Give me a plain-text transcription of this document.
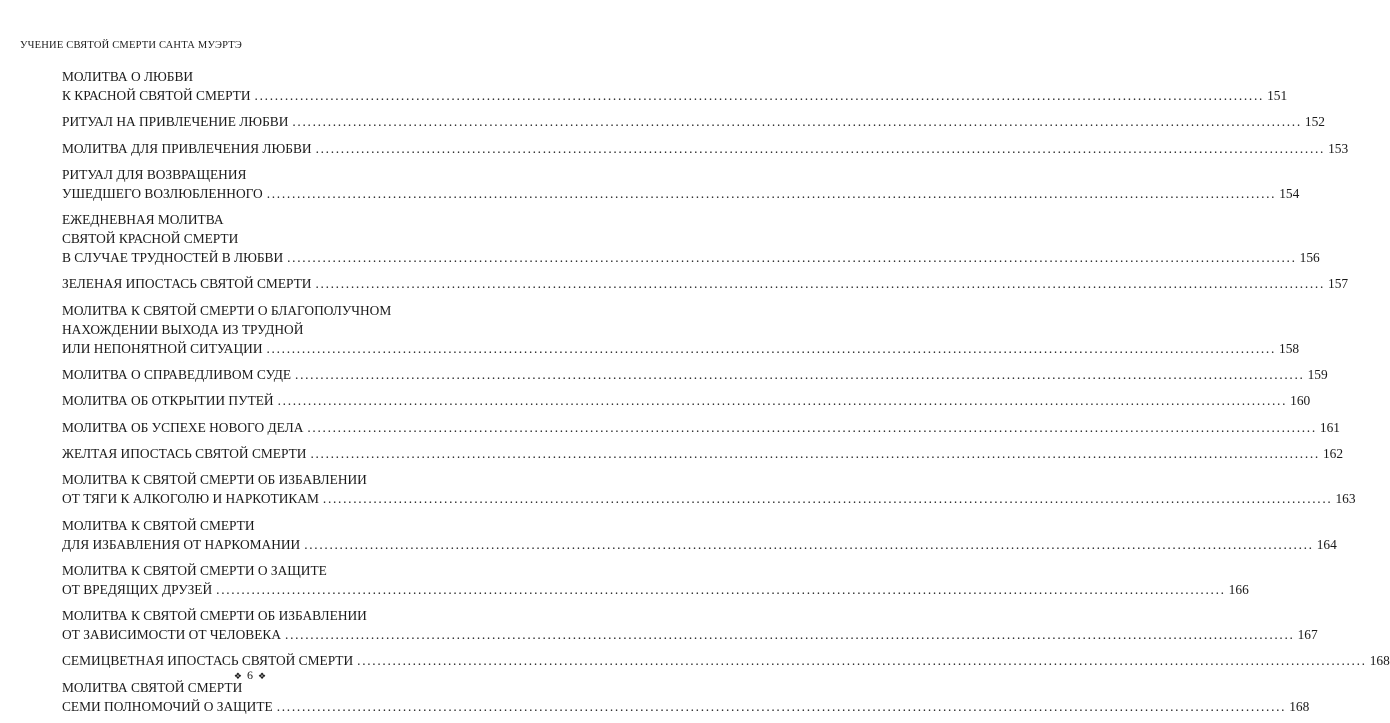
УЧЕНИЕ СВЯТОЙ СМЕРТИ САНТА МУЭРТЭ
МОЛИТВА О ЛЮБВИ
К КРАСНОЙ СВЯТОЙ СМЕРТИ ........................................................................................................................................................................................................ 151
РИТУАЛ НА ПРИВЛЕЧЕНИЕ ЛЮБВИ ........................................................................................................................................................................................................ 152
МОЛИТВА ДЛЯ ПРИВЛЕЧЕНИЯ ЛЮБВИ ........................................................................................................................................................................................................ 153
РИТУАЛ ДЛЯ ВОЗВРАЩЕНИЯ
УШЕДШЕГО ВОЗЛЮБЛЕННОГО ........................................................................................................................................................................................................ 154
ЕЖЕДНЕВНАЯ МОЛИТВА
СВЯТОЙ КРАСНОЙ СМЕРТИ
В СЛУЧАЕ ТРУДНОСТЕЙ В ЛЮБВИ ........................................................................................................................................................................................................ 156
ЗЕЛЕНАЯ ИПОСТАСЬ СВЯТОЙ СМЕРТИ ........................................................................................................................................................................................................ 157
МОЛИТВА К СВЯТОЙ СМЕРТИ О БЛАГОПОЛУЧНОМ
НАХОЖДЕНИИ ВЫХОДА ИЗ ТРУДНОЙ
ИЛИ НЕПОНЯТНОЙ СИТУАЦИИ ........................................................................................................................................................................................................ 158
МОЛИТВА О СПРАВЕДЛИВОМ СУДЕ ........................................................................................................................................................................................................ 159
МОЛИТВА ОБ ОТКРЫТИИ ПУТЕЙ ........................................................................................................................................................................................................ 160
МОЛИТВА ОБ УСПЕХЕ НОВОГО ДЕЛА ........................................................................................................................................................................................................ 161
ЖЕЛТАЯ ИПОСТАСЬ СВЯТОЙ СМЕРТИ ........................................................................................................................................................................................................ 162
МОЛИТВА К СВЯТОЙ СМЕРТИ ОБ ИЗБАВЛЕНИИ
ОТ ТЯГИ К АЛКОГОЛЮ И НАРКОТИКАМ ........................................................................................................................................................................................................ 163
МОЛИТВА К СВЯТОЙ СМЕРТИ
ДЛЯ ИЗБАВЛЕНИЯ ОТ НАРКОМАНИИ ........................................................................................................................................................................................................ 164
МОЛИТВА К СВЯТОЙ СМЕРТИ О ЗАЩИТЕ
ОТ ВРЕДЯЩИХ ДРУЗЕЙ ........................................................................................................................................................................................................ 166
МОЛИТВА К СВЯТОЙ СМЕРТИ ОБ ИЗБАВЛЕНИИ
ОТ ЗАВИСИМОСТИ ОТ ЧЕЛОВЕКА ........................................................................................................................................................................................................ 167
СЕМИЦВЕТНАЯ ИПОСТАСЬ СВЯТОЙ СМЕРТИ ........................................................................................................................................................................................................ 168
МОЛИТВА СВЯТОЙ СМЕРТИ
СЕМИ ПОЛНОМОЧИЙ О ЗАЩИТЕ ........................................................................................................................................................................................................ 168
❖ 6 ❖
